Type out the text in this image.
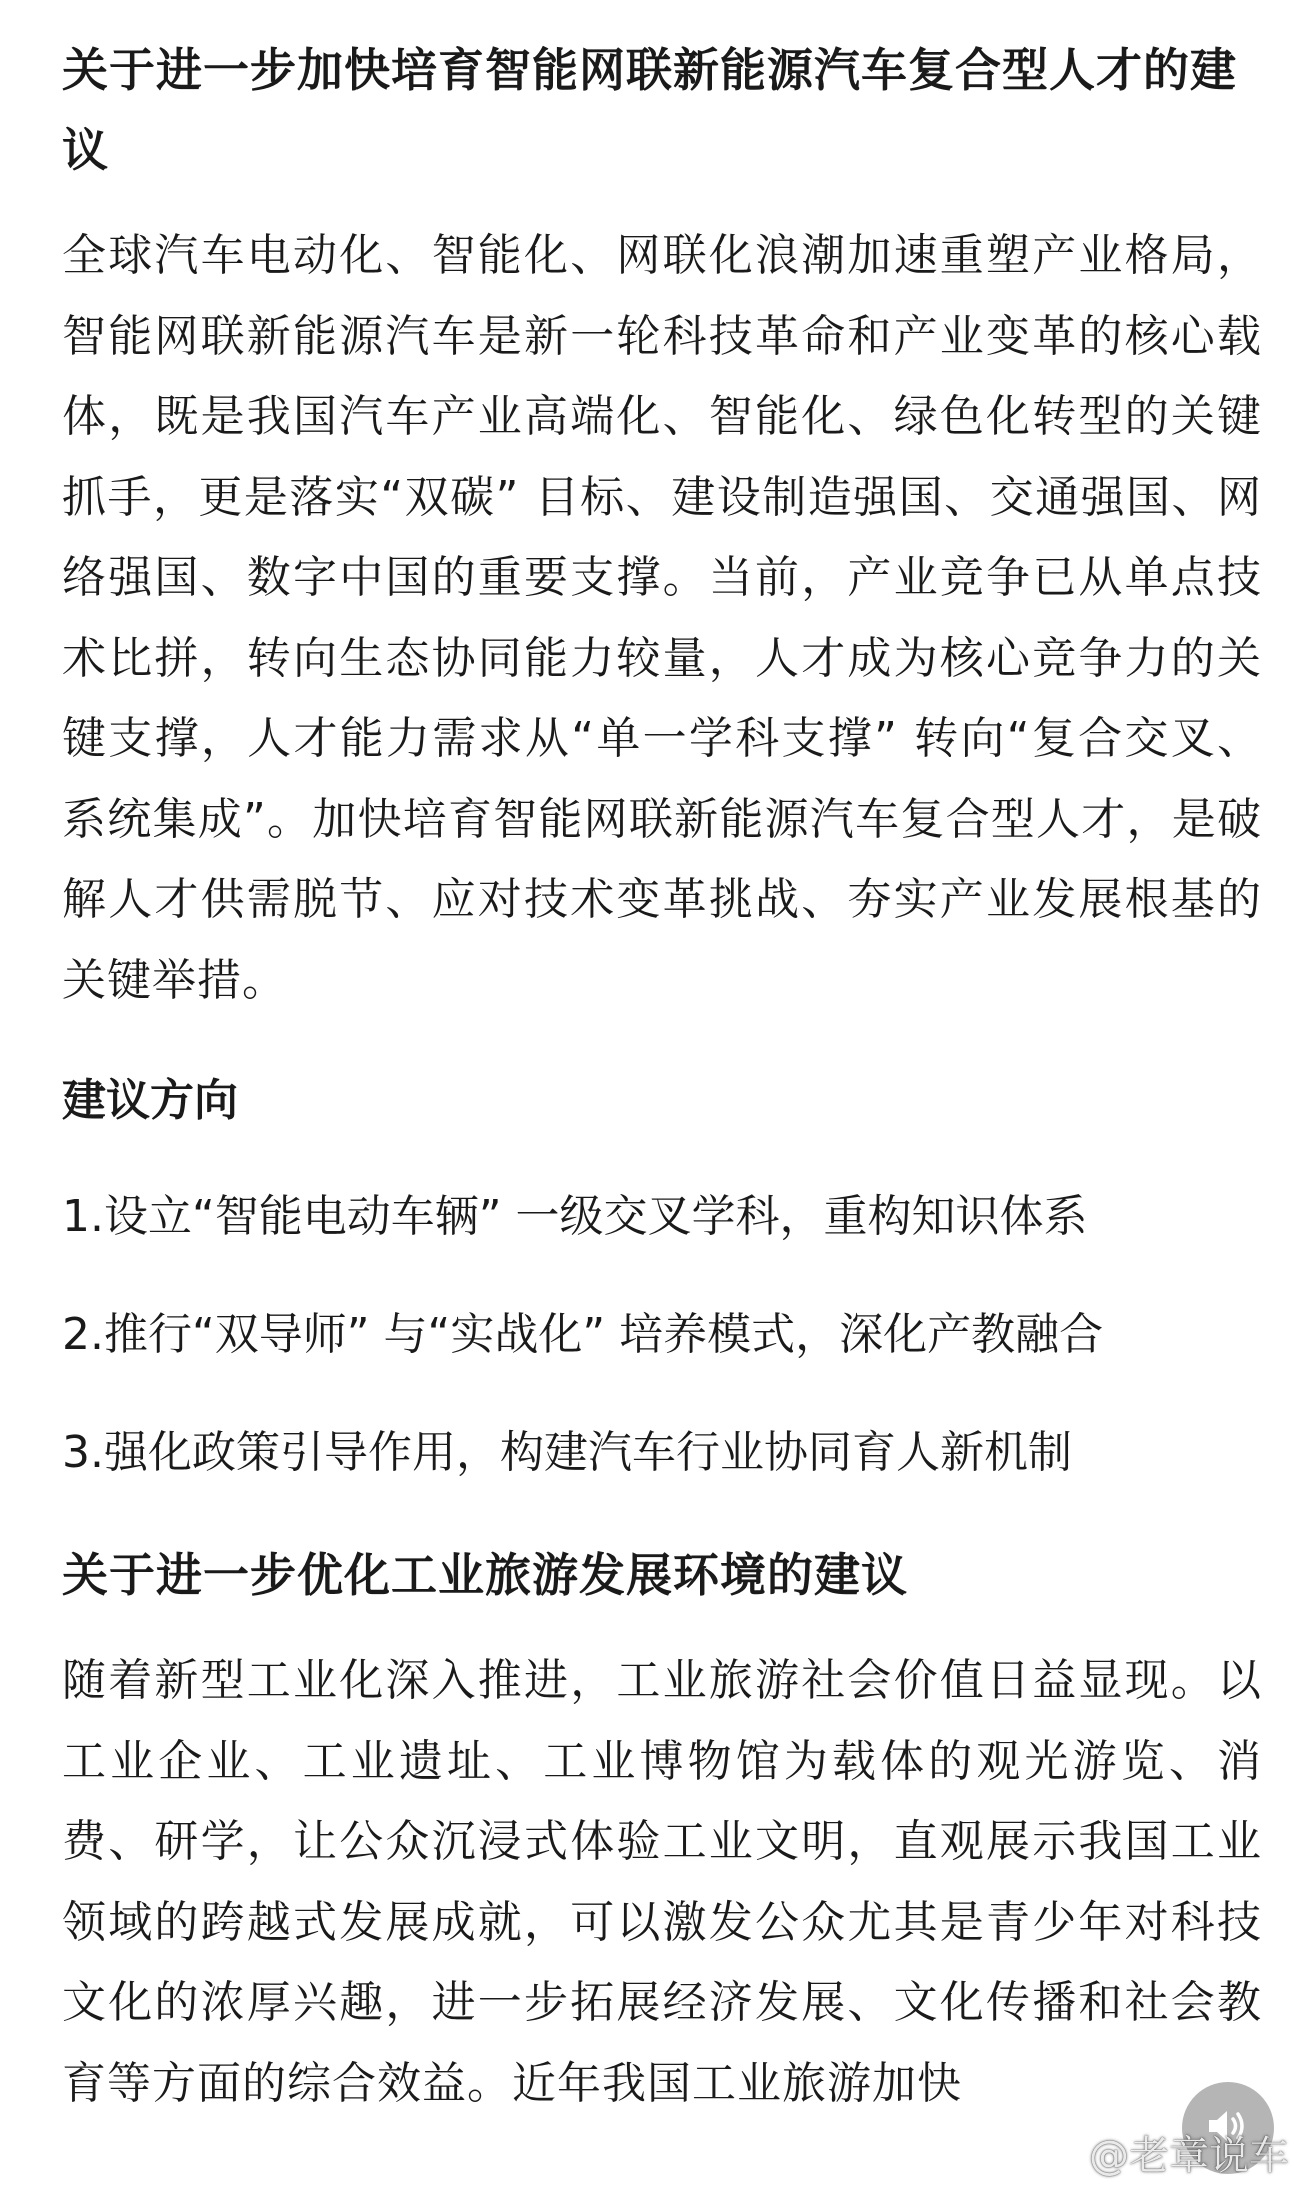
关于进一步加快培育智能网联新能源汽车复合型人才的建议

全球汽车电动化、智能化、网联化浪潮加速重塑产业格局，智能网联新能源汽车是新一轮科技革命和产业变革的核心载体，既是我国汽车产业高端化、智能化、绿色化转型的关键抓手，更是落实“双碳” 目标、建设制造强国、交通强国、网络强国、数字中国的重要支撑。当前，产业竞争已从单点技术比拼，转向生态协同能力较量，人才成为核心竞争力的关键支撑，人才能力需求从“单一学科支撑” 转向“复合交叉、系统集成”。加快培育智能网联新能源汽车复合型人才，是破解人才供需脱节、应对技术变革挑战、夯实产业发展根基的关键举措。

建议方向
1.设立“智能电动车辆” 一级交叉学科，重构知识体系
2.推行“双导师” 与“实战化” 培养模式，深化产教融合
3.强化政策引导作用，构建汽车行业协同育人新机制
关于进一步优化工业旅游发展环境的建议

随着新型工业化深入推进，工业旅游社会价值日益显现。以工业企业、工业遗址、工业博物馆为载体的观光游览、消费、研学，让公众沉浸式体验工业文明，直观展示我国工业领域的跨越式发展成就，可以激发公众尤其是青少年对科技文化的浓厚兴趣，进一步拓展经济发展、文化传播和社会教育等方面的综合效益。近年我国工业旅游加快

@老章说车
